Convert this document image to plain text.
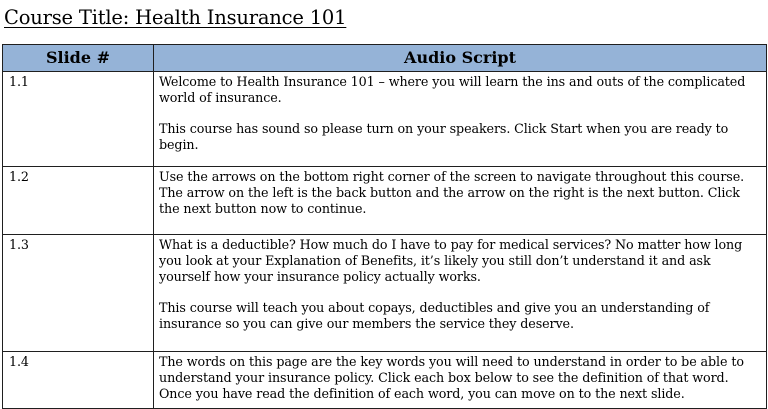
Course Title: Health Insurance 101
Slide #	Audio Script
1.1	Welcome to Health Insurance 101 – where you will learn the ins and outs of the complicated world of insurance.

This course has sound so please turn on your speakers. Click Start when you are ready to begin.

1.2	Use the arrows on the bottom right corner of the screen to navigate throughout this course. The arrow on the left is the back button and the arrow on the right is the next button. Click the next button now to continue.

1.3	What is a deductible? How much do I have to pay for medical services? No matter how long you look at your Explanation of Benefits, it’s likely you still don’t understand it and ask yourself how your insurance policy actually works.

This course will teach you about copays, deductibles and give you an understanding of insurance so you can give our members the service they deserve.

1.4	The words on this page are the key words you will need to understand in order to be able to understand your insurance policy. Click each box below to see the definition of that word. Once you have read the definition of each word, you can move on to the next slide.
